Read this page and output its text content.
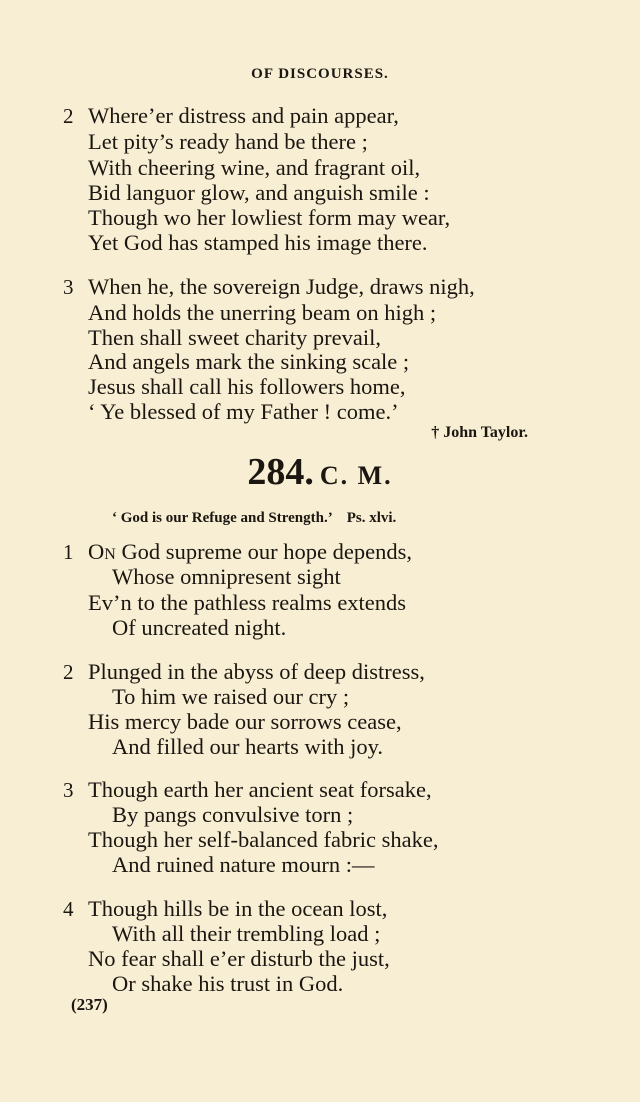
OF DISCOURSES.
2 Where’er distress and pain appear,
Let pity’s ready hand be there ;
With cheering wine, and fragrant oil,
Bid languor glow, and anguish smile :
Though wo her lowliest form may wear,
Yet God has stamped his image there.
3 When he, the sovereign Judge, draws nigh,
And holds the unerring beam on high ;
Then shall sweet charity prevail,
And angels mark the sinking scale ;
Jesus shall call his followers home,
‘ Ye blessed of my Father ! come.’
† John Taylor.
284. C. M.
‘ God is our Refuge and Strength.’ Ps. xlvi.
1 On God supreme our hope depends,
Whose omnipresent sight
Ev’n to the pathless realms extends
Of uncreated night.
2 Plunged in the abyss of deep distress,
To him we raised our cry ;
His mercy bade our sorrows cease,
And filled our hearts with joy.
3 Though earth her ancient seat forsake,
By pangs convulsive torn ;
Though her self-balanced fabric shake,
And ruined nature mourn :—
4 Though hills be in the ocean lost,
With all their trembling load ;
No fear shall e’er disturb the just,
Or shake his trust in God.
(237)
